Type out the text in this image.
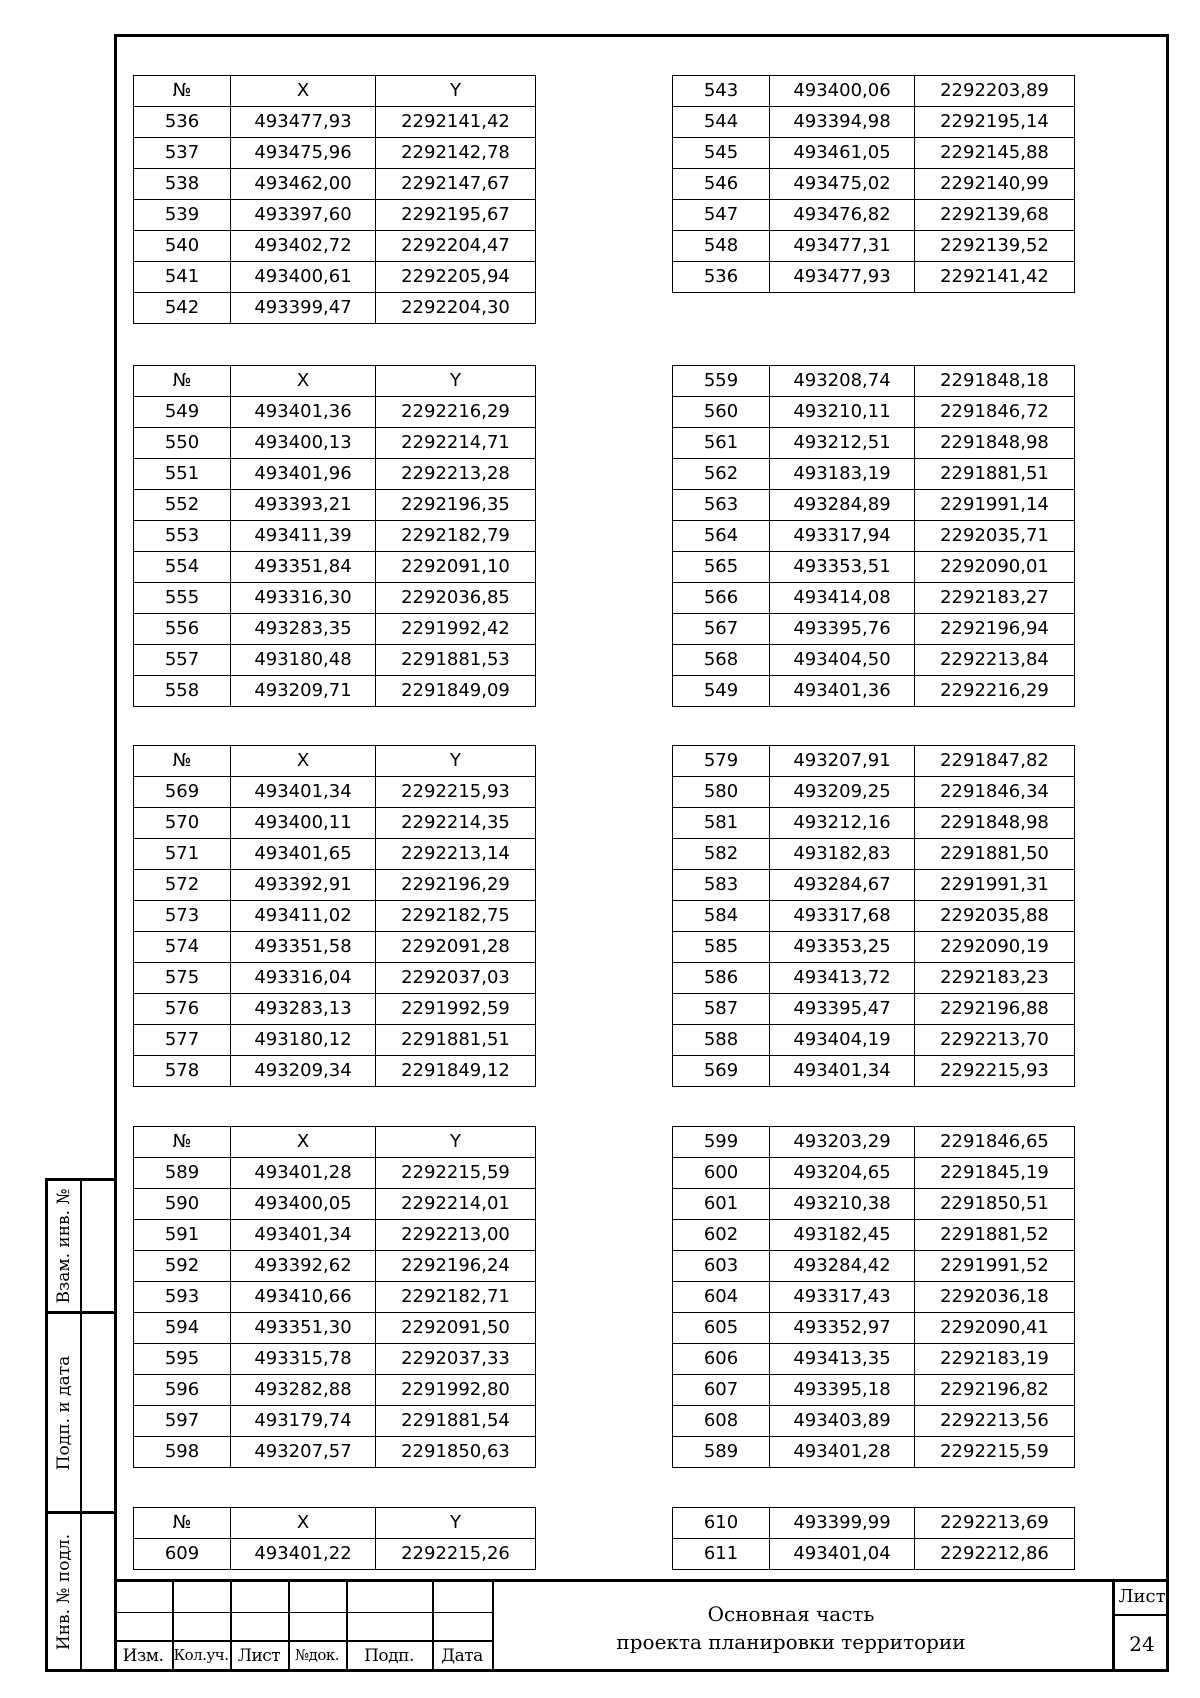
№	X	Y
536	493477,93	2292141,42
537	493475,96	2292142,78
538	493462,00	2292147,67
539	493397,60	2292195,67
540	493402,72	2292204,47
541	493400,61	2292205,94
542	493399,47	2292204,30
543	493400,06	2292203,89
544	493394,98	2292195,14
545	493461,05	2292145,88
546	493475,02	2292140,99
547	493476,82	2292139,68
548	493477,31	2292139,52
536	493477,93	2292141,42
№	X	Y
549	493401,36	2292216,29
550	493400,13	2292214,71
551	493401,96	2292213,28
552	493393,21	2292196,35
553	493411,39	2292182,79
554	493351,84	2292091,10
555	493316,30	2292036,85
556	493283,35	2291992,42
557	493180,48	2291881,53
558	493209,71	2291849,09
559	493208,74	2291848,18
560	493210,11	2291846,72
561	493212,51	2291848,98
562	493183,19	2291881,51
563	493284,89	2291991,14
564	493317,94	2292035,71
565	493353,51	2292090,01
566	493414,08	2292183,27
567	493395,76	2292196,94
568	493404,50	2292213,84
549	493401,36	2292216,29
№	X	Y
569	493401,34	2292215,93
570	493400,11	2292214,35
571	493401,65	2292213,14
572	493392,91	2292196,29
573	493411,02	2292182,75
574	493351,58	2292091,28
575	493316,04	2292037,03
576	493283,13	2291992,59
577	493180,12	2291881,51
578	493209,34	2291849,12
579	493207,91	2291847,82
580	493209,25	2291846,34
581	493212,16	2291848,98
582	493182,83	2291881,50
583	493284,67	2291991,31
584	493317,68	2292035,88
585	493353,25	2292090,19
586	493413,72	2292183,23
587	493395,47	2292196,88
588	493404,19	2292213,70
569	493401,34	2292215,93
№	X	Y
589	493401,28	2292215,59
590	493400,05	2292214,01
591	493401,34	2292213,00
592	493392,62	2292196,24
593	493410,66	2292182,71
594	493351,30	2292091,50
595	493315,78	2292037,33
596	493282,88	2291992,80
597	493179,74	2291881,54
598	493207,57	2291850,63
599	493203,29	2291846,65
600	493204,65	2291845,19
601	493210,38	2291850,51
602	493182,45	2291881,52
603	493284,42	2291991,52
604	493317,43	2292036,18
605	493352,97	2292090,41
606	493413,35	2292183,19
607	493395,18	2292196,82
608	493403,89	2292213,56
589	493401,28	2292215,59
№	X	Y
609	493401,22	2292215,26
610	493399,99	2292213,69
611	493401,04	2292212,86
Взам. инв. №
Подп. и дата
Инв. № подл.
Изм. Кол.уч. Лист №док.	Подп.	Дата
Основная часть
проекта планировки территории
Лист
24
